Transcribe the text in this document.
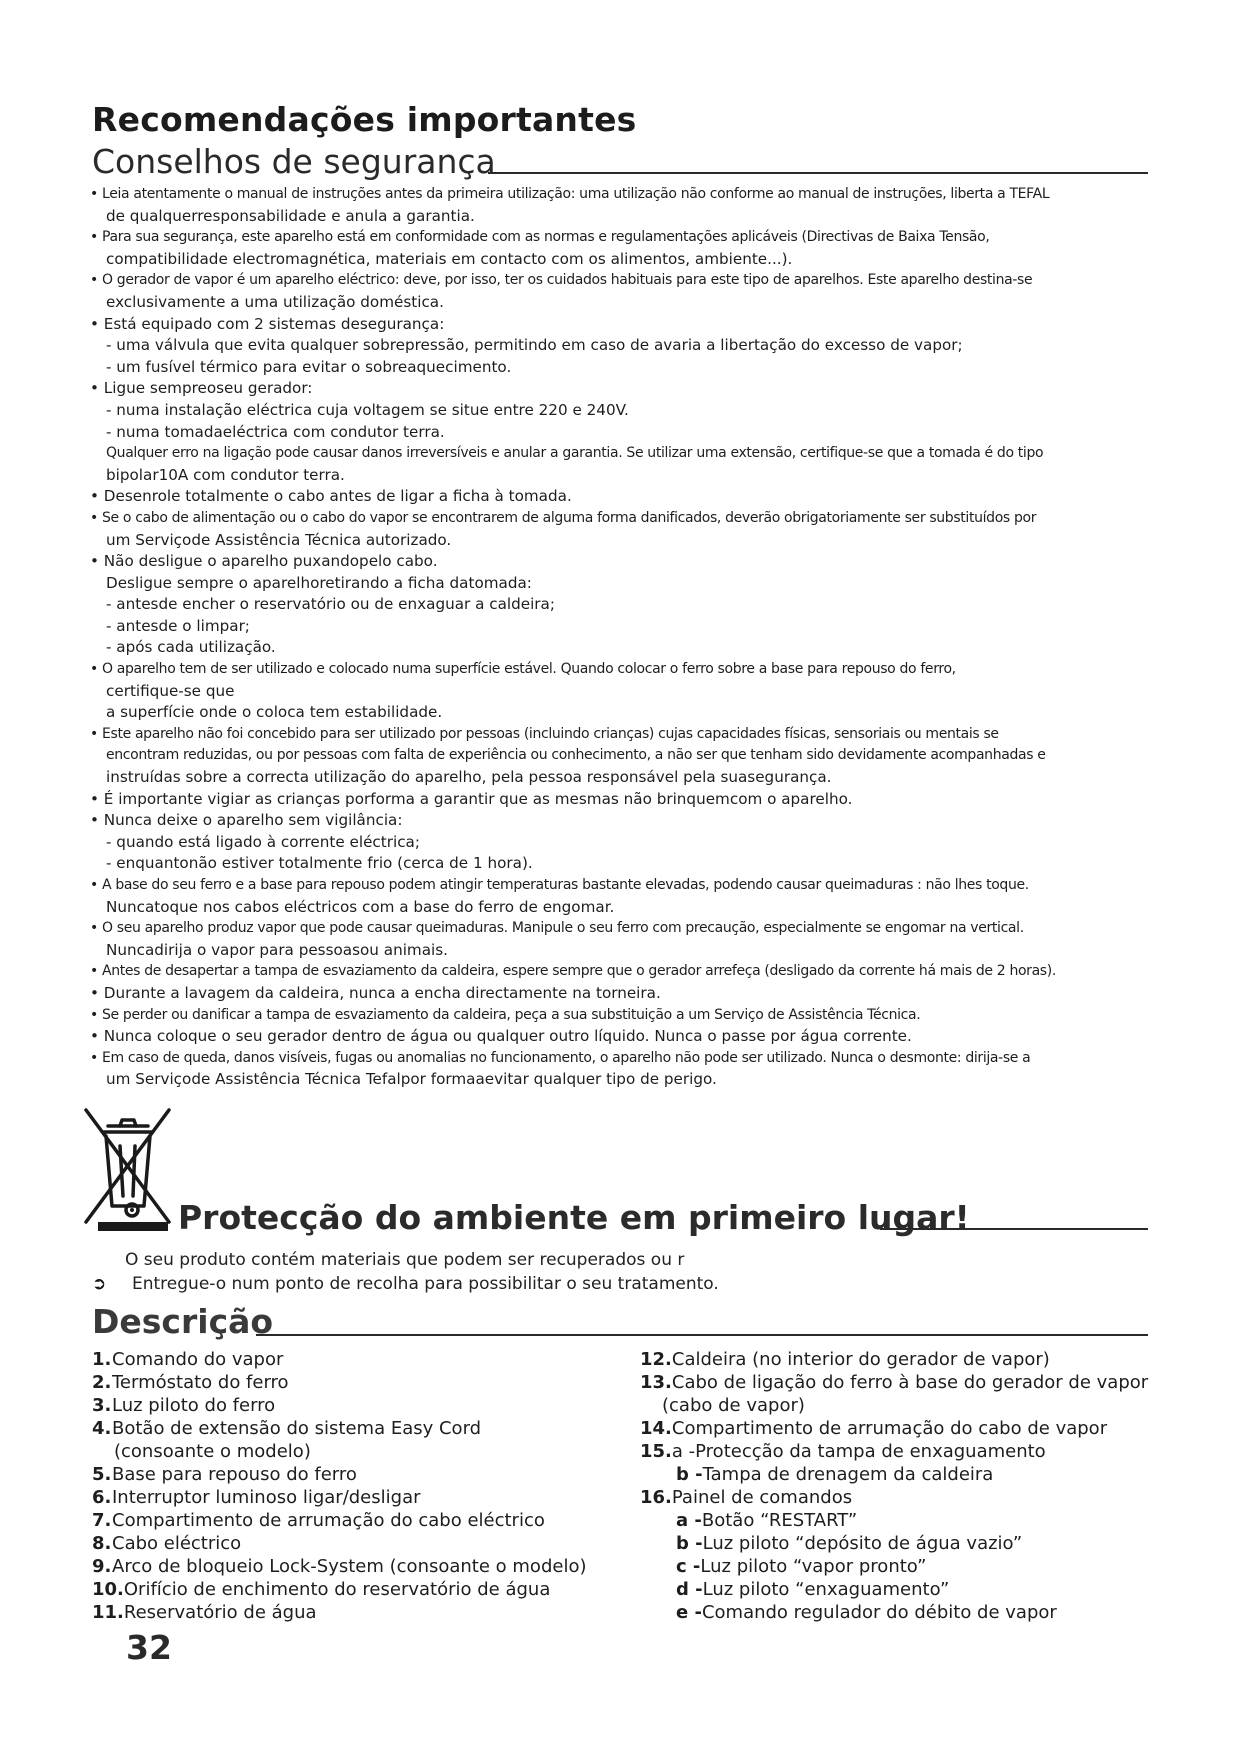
Recomendações importantes
Conselhos de segurança
• Leia atentamente o manual de instruções antes da primeira utilização: uma utilização não conforme ao manual de instruções, liberta a TEFAL
de qualquerresponsabilidade e anula a garantia.
• Para sua segurança, este aparelho está em conformidade com as normas e regulamentações aplicáveis (Directivas de Baixa Tensão,
compatibilidade electromagnética, materiais em contacto com os alimentos, ambiente...).
• O gerador de vapor é um aparelho eléctrico: deve, por isso, ter os cuidados habituais para este tipo de aparelhos. Este aparelho destina-se
exclusivamente a uma utilização doméstica.
• Está equipado com 2 sistemas desegurança:
- uma válvula que evita qualquer sobrepressão, permitindo em caso de avaria a libertação do excesso de vapor;
- um fusível térmico para evitar o sobreaquecimento.
• Ligue sempreoseu gerador:
- numa instalação eléctrica cuja voltagem se situe entre 220 e 240V.
- numa tomadaeléctrica com condutor terra.
Qualquer erro na ligação pode causar danos irreversíveis e anular a garantia. Se utilizar uma extensão, certifique-se que a tomada é do tipo
bipolar10A com condutor terra.
• Desenrole totalmente o cabo antes de ligar a ficha à tomada.
• Se o cabo de alimentação ou o cabo do vapor se encontrarem de alguma forma danificados, deverão obrigatoriamente ser substituídos por
um Serviçode Assistência Técnica autorizado.
• Não desligue o aparelho puxandopelo cabo.
Desligue sempre o aparelhoretirando a ficha datomada:
- antesde encher o reservatório ou de enxaguar a caldeira;
- antesde o limpar;
- após cada utilização.
• O aparelho tem de ser utilizado e colocado numa superfície estável. Quando colocar o ferro sobre a base para repouso do ferro,
certifique-se que
a superfície onde o coloca tem estabilidade.
• Este aparelho não foi concebido para ser utilizado por pessoas (incluindo crianças) cujas capacidades físicas, sensoriais ou mentais se
encontram reduzidas, ou por pessoas com falta de experiência ou conhecimento, a não ser que tenham sido devidamente acompanhadas e
instruídas sobre a correcta utilização do aparelho, pela pessoa responsável pela suasegurança.
• É importante vigiar as crianças porforma a garantir que as mesmas não brinquemcom o aparelho.
• Nunca deixe o aparelho sem vigilância:
- quando está ligado à corrente eléctrica;
- enquantonão estiver totalmente frio (cerca de 1 hora).
• A base do seu ferro e a base para repouso podem atingir temperaturas bastante elevadas, podendo causar queimaduras : não lhes toque.
Nuncatoque nos cabos eléctricos com a base do ferro de engomar.
• O seu aparelho produz vapor que pode causar queimaduras. Manipule o seu ferro com precaução, especialmente se engomar na vertical.
Nuncadirija o vapor para pessoasou animais.
• Antes de desapertar a tampa de esvaziamento da caldeira, espere sempre que o gerador arrefeça (desligado da corrente há mais de 2 horas).
• Durante a lavagem da caldeira, nunca a encha directamente na torneira.
• Se perder ou danificar a tampa de esvaziamento da caldeira, peça a sua substituição a um Serviço de Assistência Técnica.
• Nunca coloque o seu gerador dentro de água ou qualquer outro líquido. Nunca o passe por água corrente.
• Em caso de queda, danos visíveis, fugas ou anomalias no funcionamento, o aparelho não pode ser utilizado. Nunca o desmonte: dirija-se a
um Serviçode Assistência Técnica Tefalpor formaaevitar qualquer tipo de perigo.
Protecção do ambiente em primeiro lugar!
O seu produto contém materiais que podem ser recuperados ou r
➲ Entregue-o num ponto de recolha para possibilitar o seu tratamento.
Descrição
1.Comando do vapor
2.Termóstato do ferro
3.Luz piloto do ferro
4.Botão de extensão do sistema Easy Cord
(consoante o modelo)
5.Base para repouso do ferro
6.Interruptor luminoso ligar/desligar
7.Compartimento de arrumação do cabo eléctrico
8.Cabo eléctrico
9.Arco de bloqueio Lock-System (consoante o modelo)
10.Orifício de enchimento do reservatório de água
11.Reservatório de água
12.Caldeira (no interior do gerador de vapor)
13.Cabo de ligação do ferro à base do gerador de vapor
(cabo de vapor)
14.Compartimento de arrumação do cabo de vapor
15.a -Protecção da tampa de enxaguamento
b -Tampa de drenagem da caldeira
16.Painel de comandos
a -Botão “RESTART”
b -Luz piloto “depósito de água vazio”
c -Luz piloto “vapor pronto”
d -Luz piloto “enxaguamento”
e -Comando regulador do débito de vapor
32
